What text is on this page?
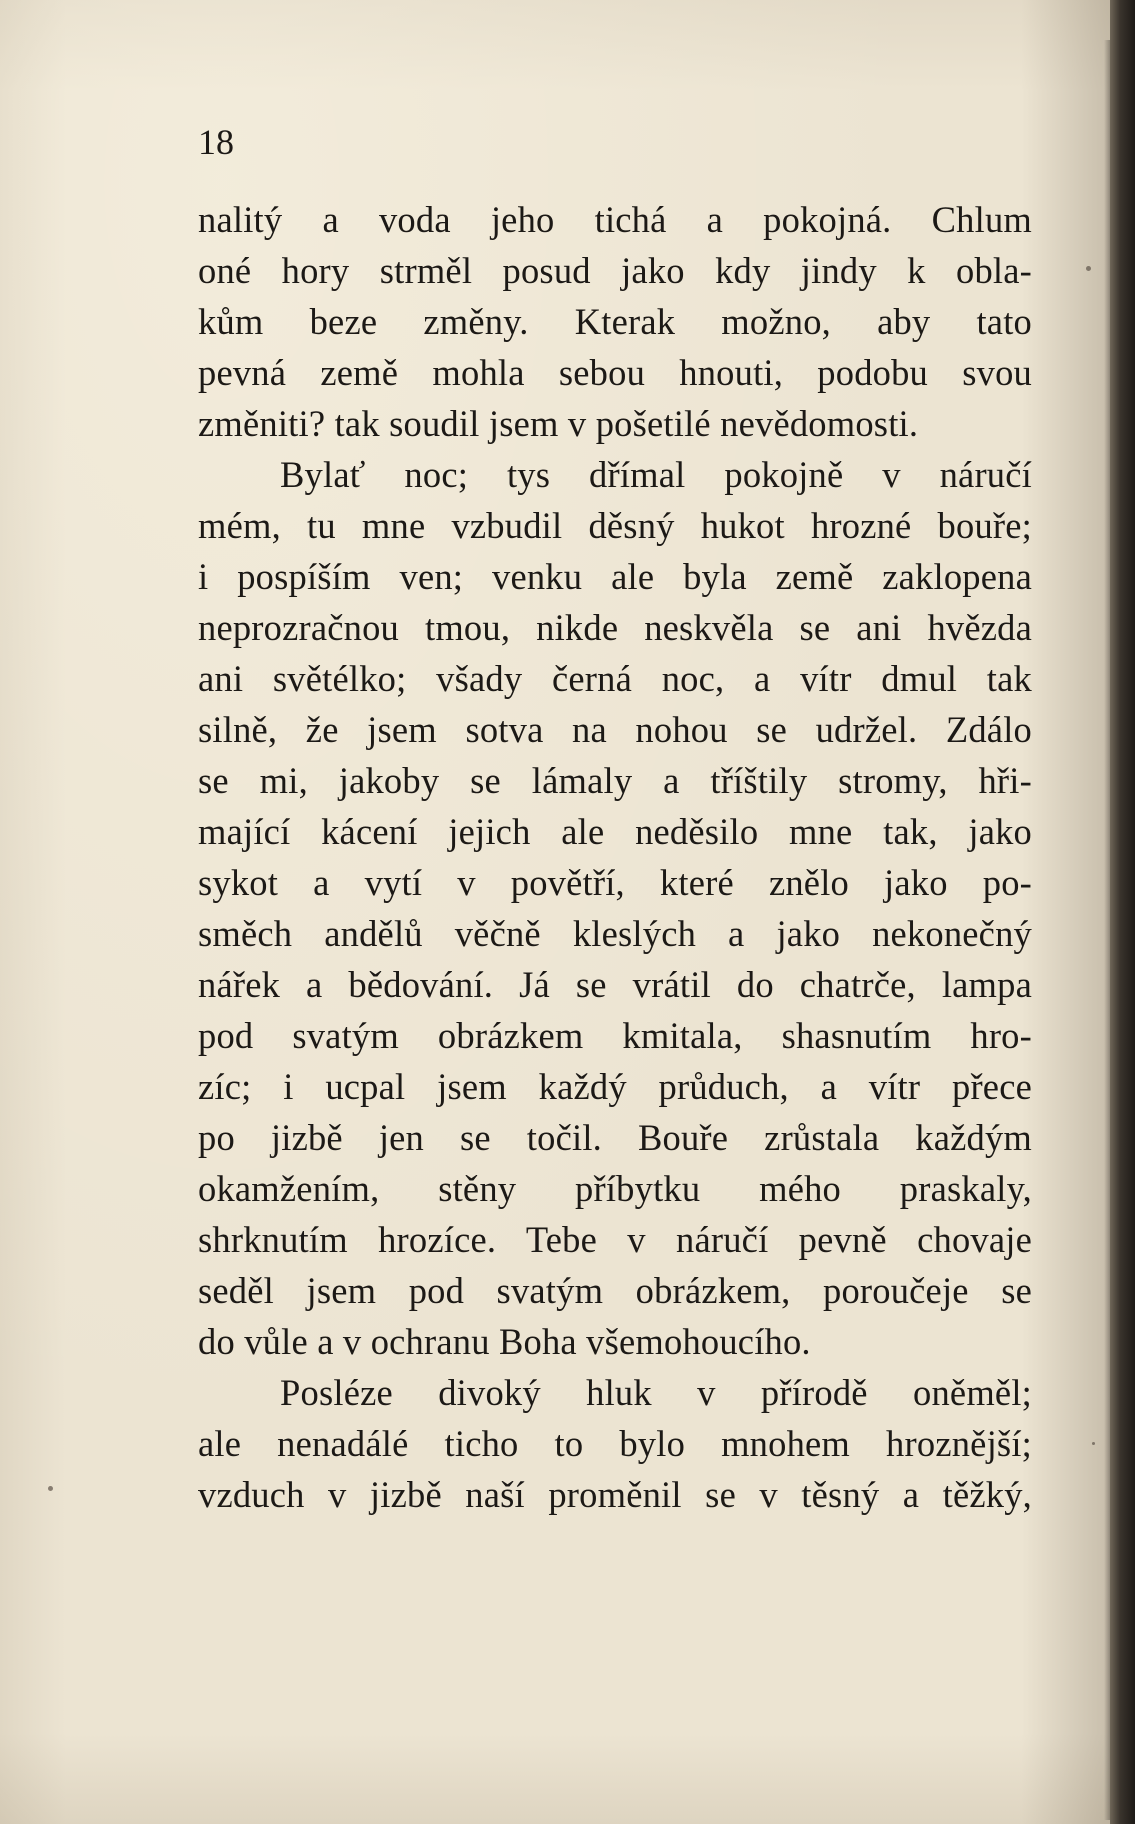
18
nalitý a voda jeho tichá a pokojná. Chlum
oné hory strměl posud jako kdy jindy k obla-
kům beze změny. Kterak možno, aby tato
pevná země mohla sebou hnouti, podobu svou
změniti? tak soudil jsem v pošetilé nevědomosti.
Bylať noc; tys dřímal pokojně v náručí
mém, tu mne vzbudil děsný hukot hrozné bouře;
i pospíším ven; venku ale byla země zaklopena
neprozračnou tmou, nikde neskvěla se ani hvězda
ani světélko; všady černá noc, a vítr dmul tak
silně, že jsem sotva na nohou se udržel. Zdálo
se mi, jakoby se lámaly a tříštily stromy, hři-
mající kácení jejich ale neděsilo mne tak, jako
sykot a vytí v povětří, které znělo jako po-
směch andělů věčně kleslých a jako nekonečný
nářek a bědování. Já se vrátil do chatrče, lampa
pod svatým obrázkem kmitala, shasnutím hro-
zíc; i ucpal jsem každý průduch, a vítr přece
po jizbě jen se točil. Bouře zrůstala každým
okamžením, stěny příbytku mého praskaly,
shrknutím hrozíce. Tebe v náručí pevně chovaje
seděl jsem pod svatým obrázkem, poroučeje se
do vůle a v ochranu Boha všemohoucího.
Posléze divoký hluk v přírodě oněměl;
ale nenadálé ticho to bylo mnohem hroznější;
vzduch v jizbě naší proměnil se v těsný a těžký,
